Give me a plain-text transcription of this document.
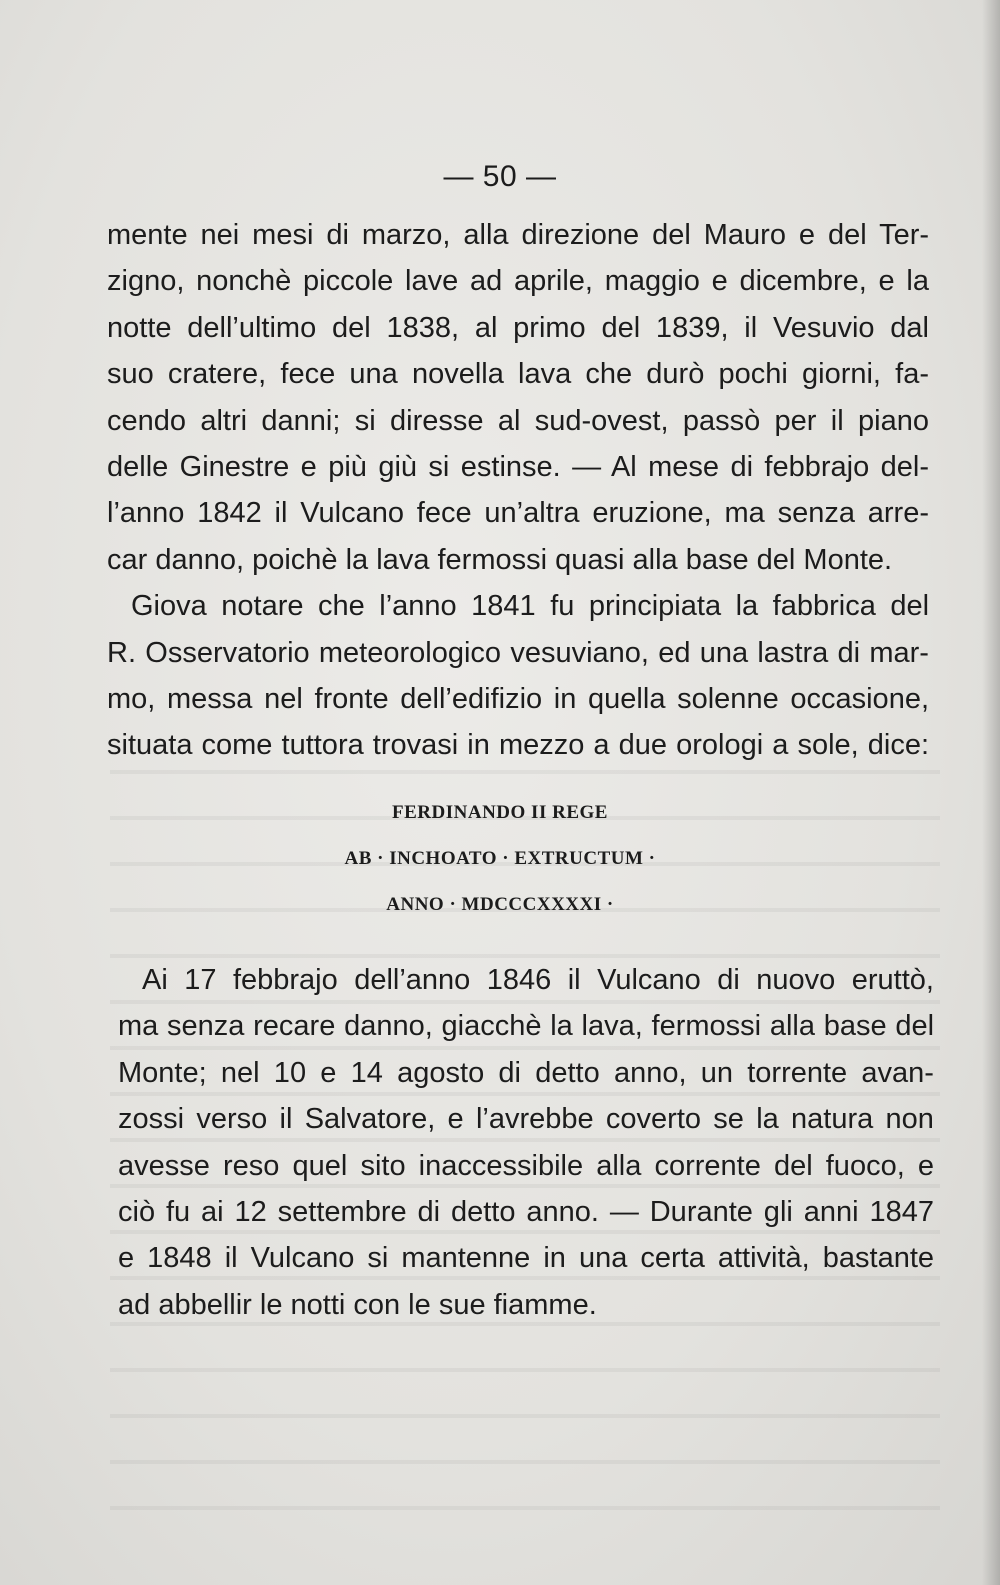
— 50 —
mente nei mesi di marzo, alla direzione del Mauro e del Ter-
zigno, nonchè piccole lave ad aprile, maggio e dicembre, e la
notte dell’ultimo del 1838, al primo del 1839, il Vesuvio dal
suo cratere, fece una novella lava che durò pochi giorni, fa-
cendo altri danni; si diresse al sud-ovest, passò per il piano
delle Ginestre e più giù si estinse. — Al mese di febbrajo del-
l’anno 1842 il Vulcano fece un’altra eruzione, ma senza arre-
car danno, poichè la lava fermossi quasi alla base del Monte.
Giova notare che l’anno 1841 fu principiata la fabbrica del
R. Osservatorio meteorologico vesuviano, ed una lastra di mar-
mo, messa nel fronte dell’edifizio in quella solenne occasione,
situata come tuttora trovasi in mezzo a due orologi a sole, dice:
FERDINANDO II REGE
AB · INCHOATO · EXTRUCTUM ·
ANNO · MDCCCXXXXI ·
Ai 17 febbrajo dell’anno 1846 il Vulcano di nuovo eruttò,
ma senza recare danno, giacchè la lava, fermossi alla base del
Monte; nel 10 e 14 agosto di detto anno, un torrente avan-
zossi verso il Salvatore, e l’avrebbe coverto se la natura non
avesse reso quel sito inaccessibile alla corrente del fuoco, e
ciò fu ai 12 settembre di detto anno. — Durante gli anni 1847
e 1848 il Vulcano si mantenne in una certa attività, bastante
ad abbellir le notti con le sue fiamme.
